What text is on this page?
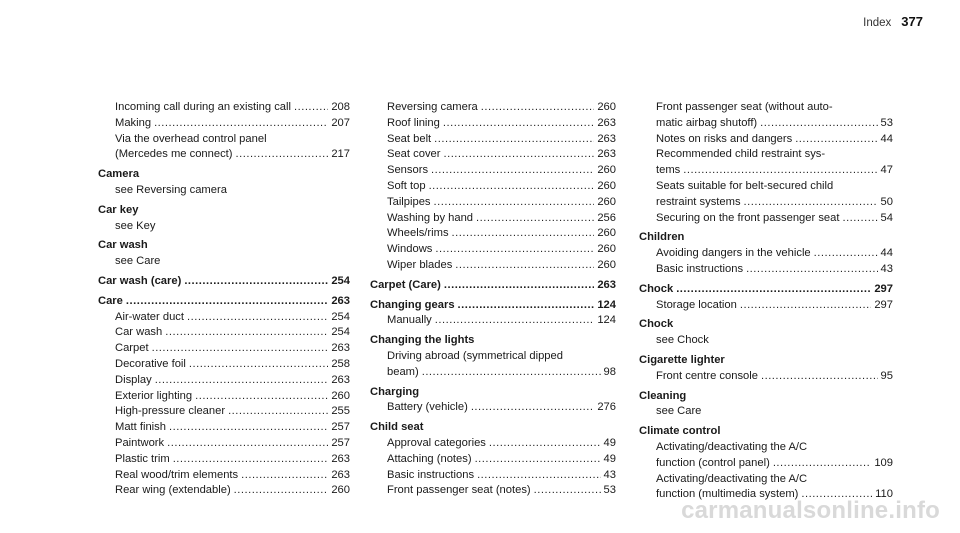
Index 377
Incoming call during an existing call .....	208
Making .....	207
Via the overhead control panel
(Mercedes me connect) .....	217
Camera
see Reversing camera
Car key
see Key
Car wash
see Care
Car wash (care) .....	254
Care .....	263
Air-water duct .....	254
Car wash .....	254
Carpet .....	263
Decorative foil .....	258
Display .....	263
Exterior lighting .....	260
High-pressure cleaner .....	255
Matt finish .....	257
Paintwork .....	257
Plastic trim .....	263
Real wood/trim elements .....	263
Rear wing (extendable) .....	260
Reversing camera .....	260
Roof lining .....	263
Seat belt .....	263
Seat cover .....	263
Sensors .....	260
Soft top .....	260
Tailpipes .....	260
Washing by hand .....	256
Wheels/rims .....	260
Windows .....	260
Wiper blades .....	260
Carpet (Care) .....	263
Changing gears .....	124
Manually .....	124
Changing the lights
Driving abroad (symmetrical dipped
beam) .....	98
Charging
Battery (vehicle) .....	276
Child seat
Approval categories .....	49
Attaching (notes) .....	49
Basic instructions .....	43
Front passenger seat (notes) .....	53
Front passenger seat (without auto-
matic airbag shutoff) .....	53
Notes on risks and dangers .....	44
Recommended child restraint sys-
tems .....	47
Seats suitable for belt-secured child
restraint systems .....	50
Securing on the front passenger seat .....	54
Children
Avoiding dangers in the vehicle .....	44
Basic instructions .....	43
Chock .....	297
Storage location .....	297
Chock
see Chock
Cigarette lighter
Front centre console .....	95
Cleaning
see Care
Climate control
Activating/deactivating the A/C
function (control panel) .....	109
Activating/deactivating the A/C
function (multimedia system) .....	110
carmanualsonline.info
